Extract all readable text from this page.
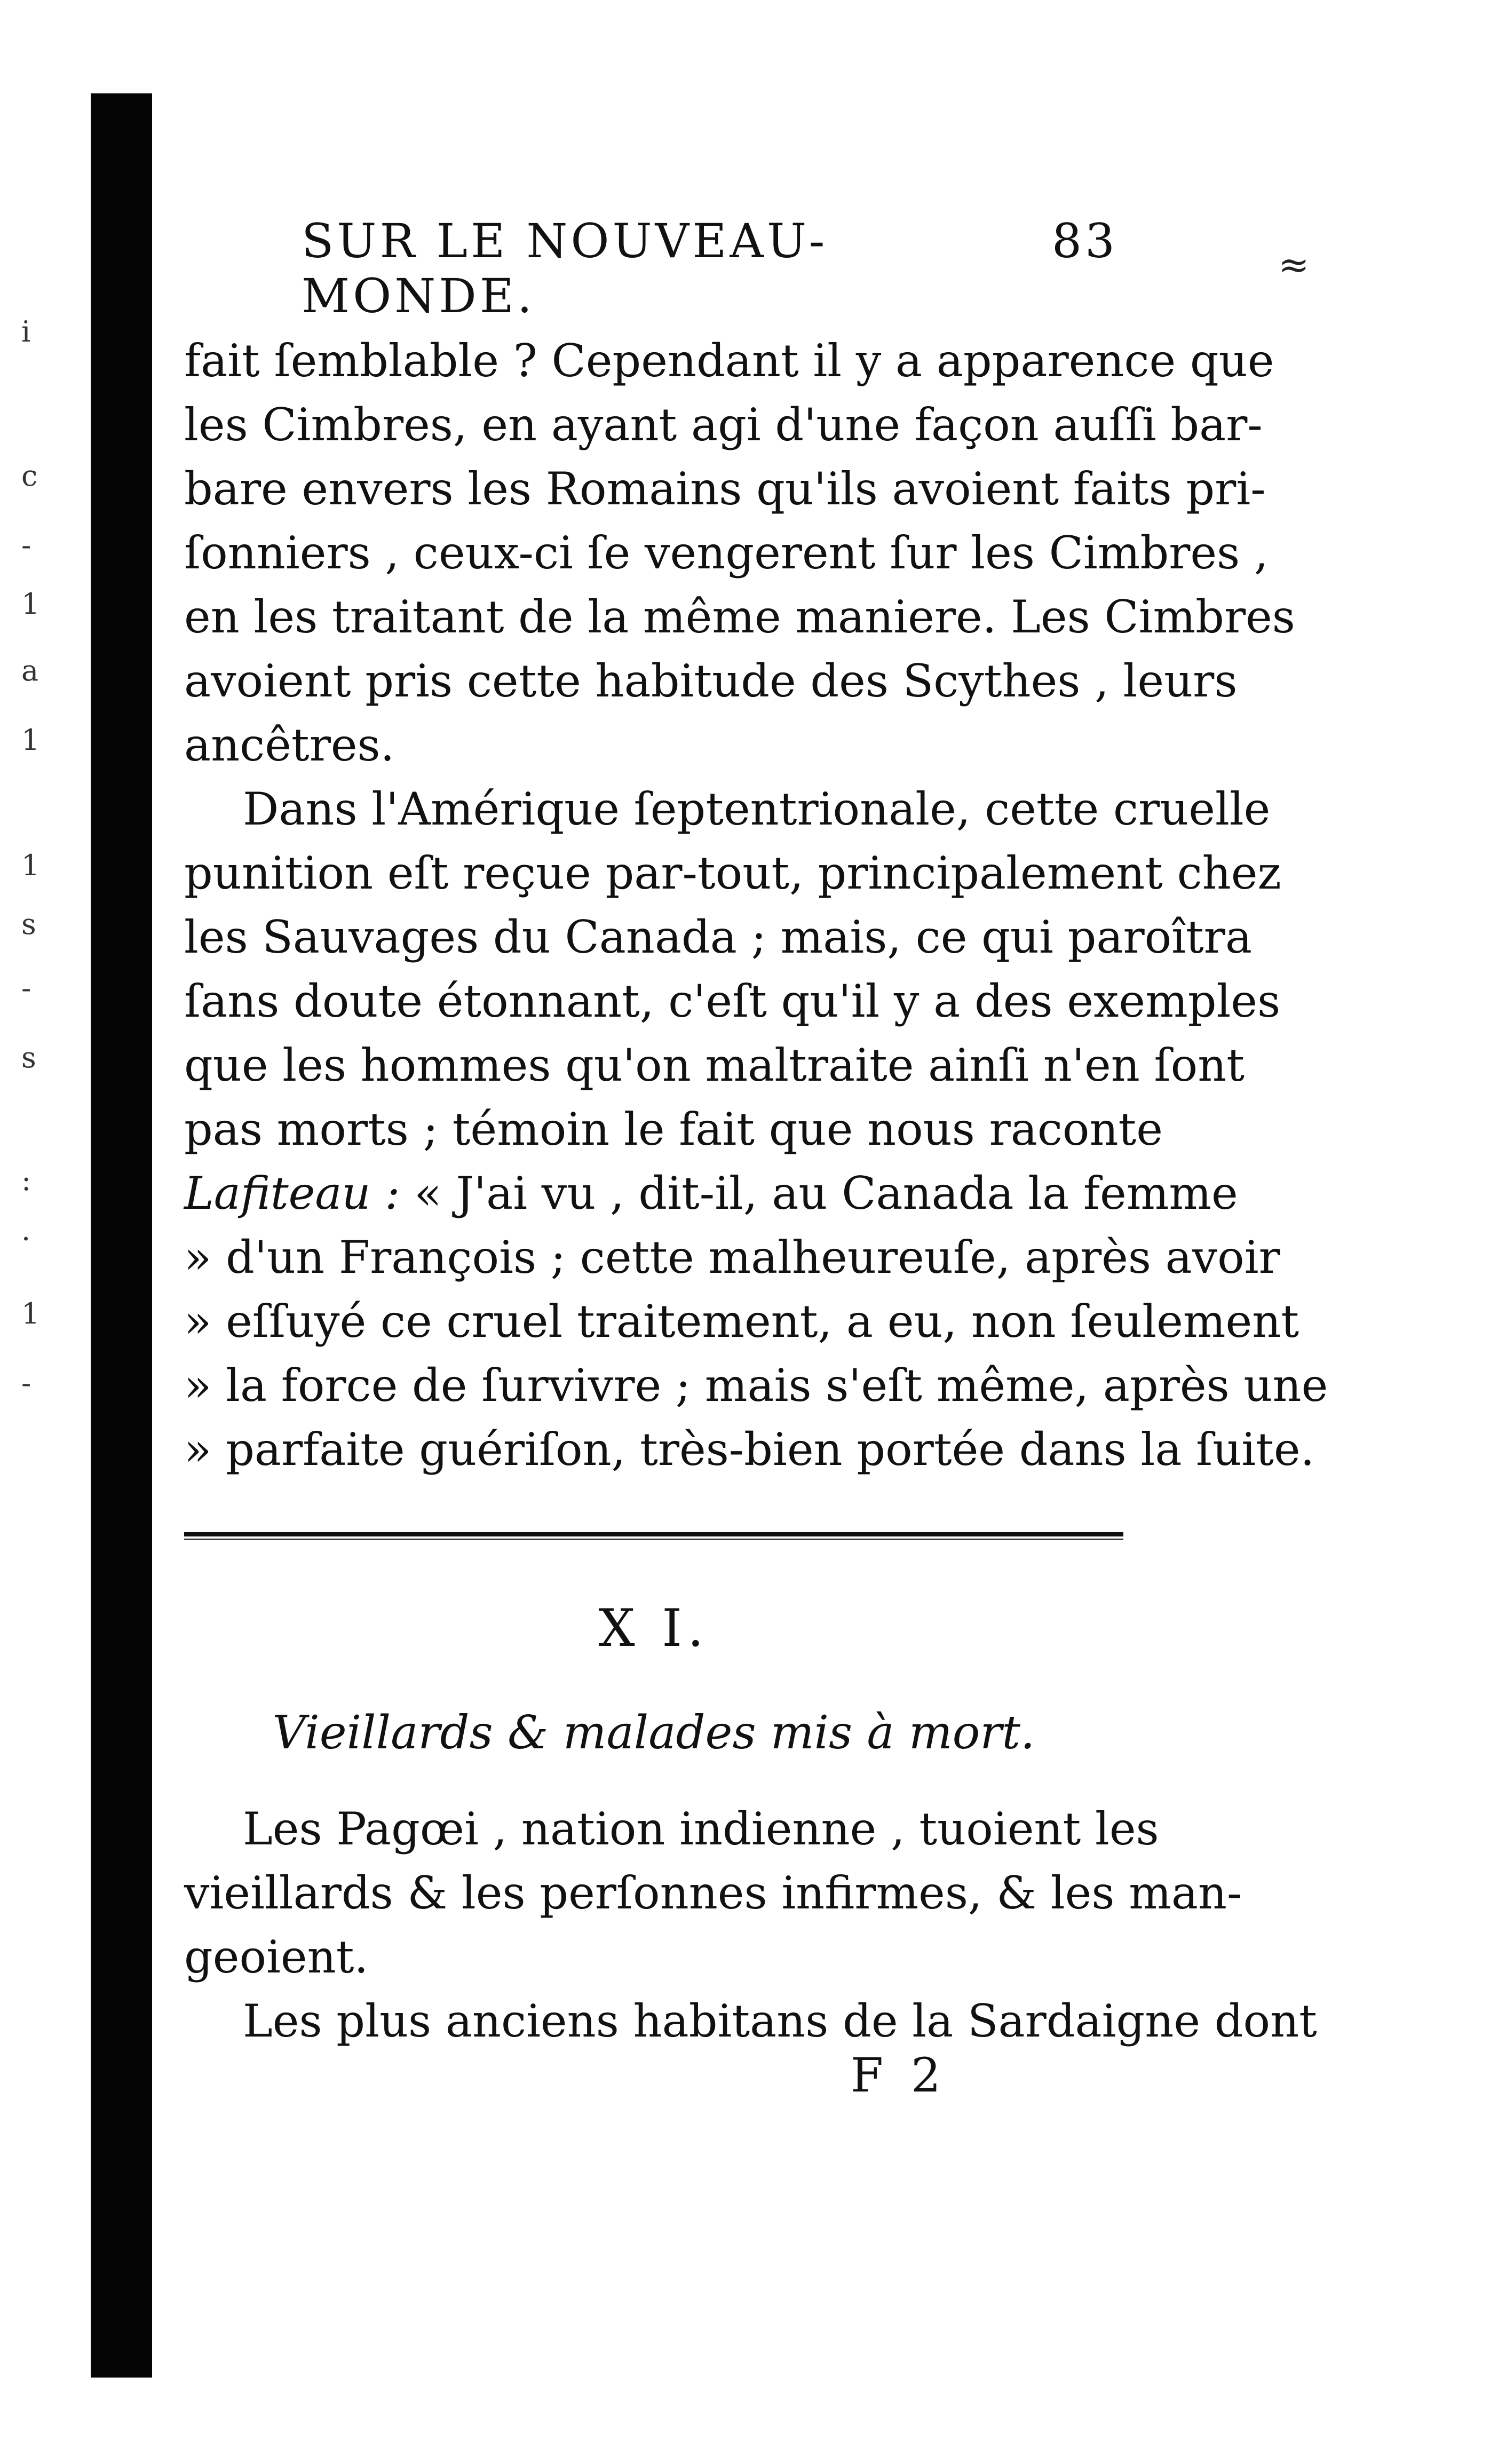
i
c
-
1
a
1
1
s
-
s
:
·
1
-
≈
SUR LE NOUVEAU-MONDE.
83
fait ſemblable ? Cependant il y a apparence que
les Cimbres, en ayant agi d'une façon auſſi bar-
bare envers les Romains qu'ils avoient faits pri-
ſonniers , ceux-ci ſe vengerent ſur les Cimbres ,
en les traitant de la même maniere. Les Cimbres
avoient pris cette habitude des Scythes , leurs
ancêtres.
Dans l'Amérique ſeptentrionale, cette cruelle
punition eſt reçue par-tout, principalement chez
les Sauvages du Canada ; mais, ce qui paroîtra
ſans doute étonnant, c'eſt qu'il y a des exemples
que les hommes qu'on maltraite ainſi n'en ſont
pas morts ; témoin le fait que nous raconte
Lafiteau : « J'ai vu , dit-il, au Canada la femme
» d'un François ; cette malheureuſe, après avoir
» eſſuyé ce cruel traitement, a eu, non ſeulement
» la force de ſurvivre ; mais s'eſt même, après une
» parfaite guériſon, très-bien portée dans la ſuite.
X I.
Vieillards & malades mis à mort.
Les Pagœi , nation indienne , tuoient les
vieillards & les perſonnes infirmes, & les man-
geoient.
Les plus anciens habitans de la Sardaigne dont
F 2
